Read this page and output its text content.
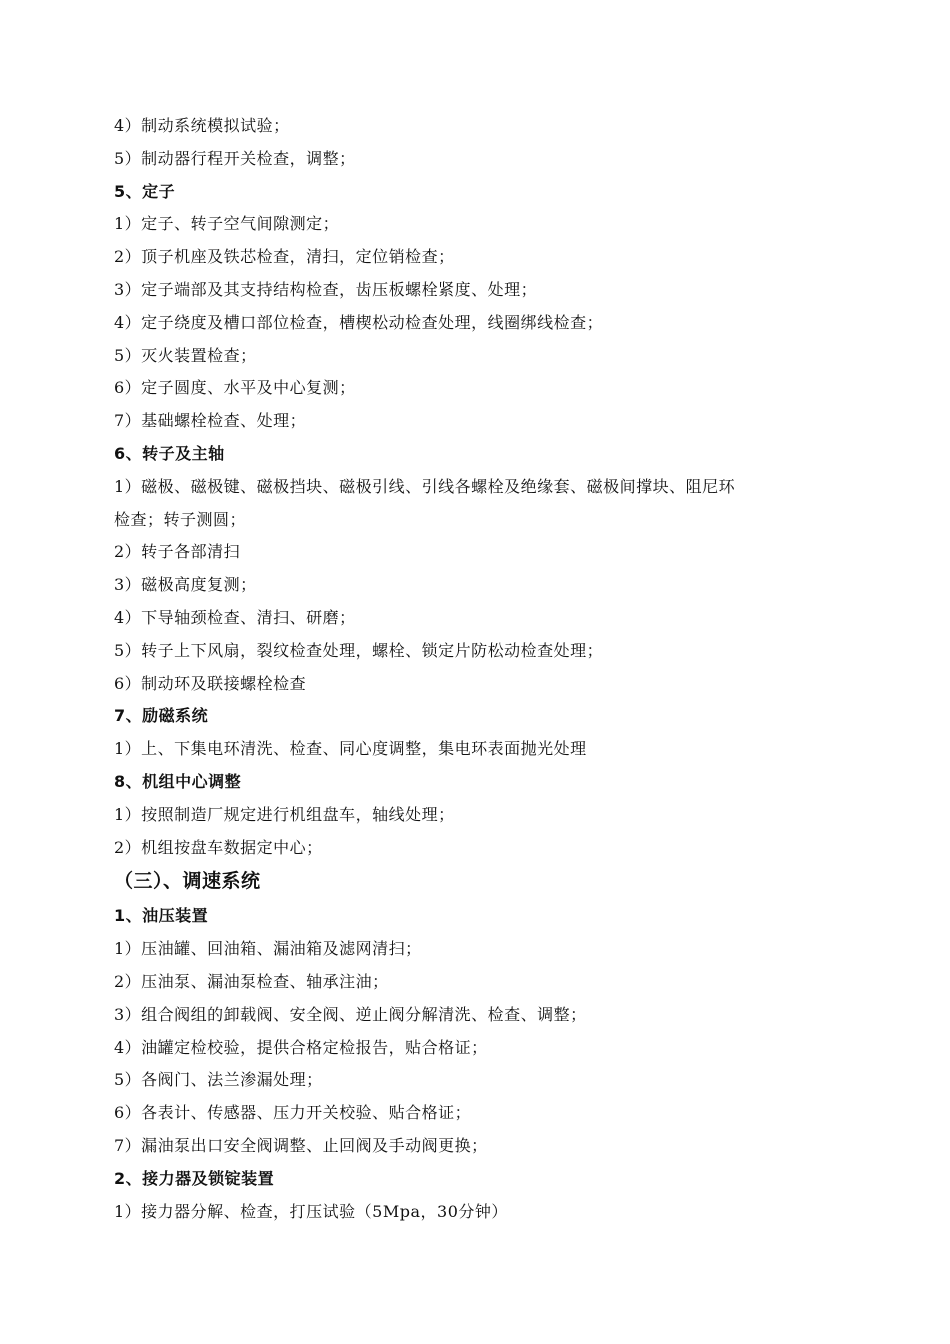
4）制动系统模拟试验；
5）制动器行程开关检查，调整；
5、定子
1）定子、转子空气间隙测定；
2）顶子机座及铁芯检查，清扫，定位销检查；
3）定子端部及其支持结构检查，齿压板螺栓紧度、处理；
4）定子绕度及槽口部位检查，槽楔松动检查处理，线圈绑线检查；
5）灭火装置检查；
6）定子圆度、水平及中心复测；
7）基础螺栓检查、处理；
6、转子及主轴
1）磁极、磁极键、磁极挡块、磁极引线、引线各螺栓及绝缘套、磁极间撑块、阻尼环
检查；转子测圆；
2）转子各部清扫
3）磁极高度复测；
4）下导轴颈检查、清扫、研磨；
5）转子上下风扇，裂纹检查处理，螺栓、锁定片防松动检查处理；
6）制动环及联接螺栓检查
7、励磁系统
1）上、下集电环清洗、检查、同心度调整，集电环表面抛光处理
8、机组中心调整
1）按照制造厂规定进行机组盘车，轴线处理；
2）机组按盘车数据定中心；
（三）、调速系统
1、油压装置
1）压油罐、回油箱、漏油箱及滤网清扫；
2）压油泵、漏油泵检查、轴承注油；
3）组合阀组的卸载阀、安全阀、逆止阀分解清洗、检查、调整；
4）油罐定检校验，提供合格定检报告，贴合格证；
5）各阀门、法兰渗漏处理；
6）各表计、传感器、压力开关校验、贴合格证；
7）漏油泵出口安全阀调整、止回阀及手动阀更换；
2、接力器及锁锭装置
1）接力器分解、检查，打压试验（5Mpa，30分钟）
